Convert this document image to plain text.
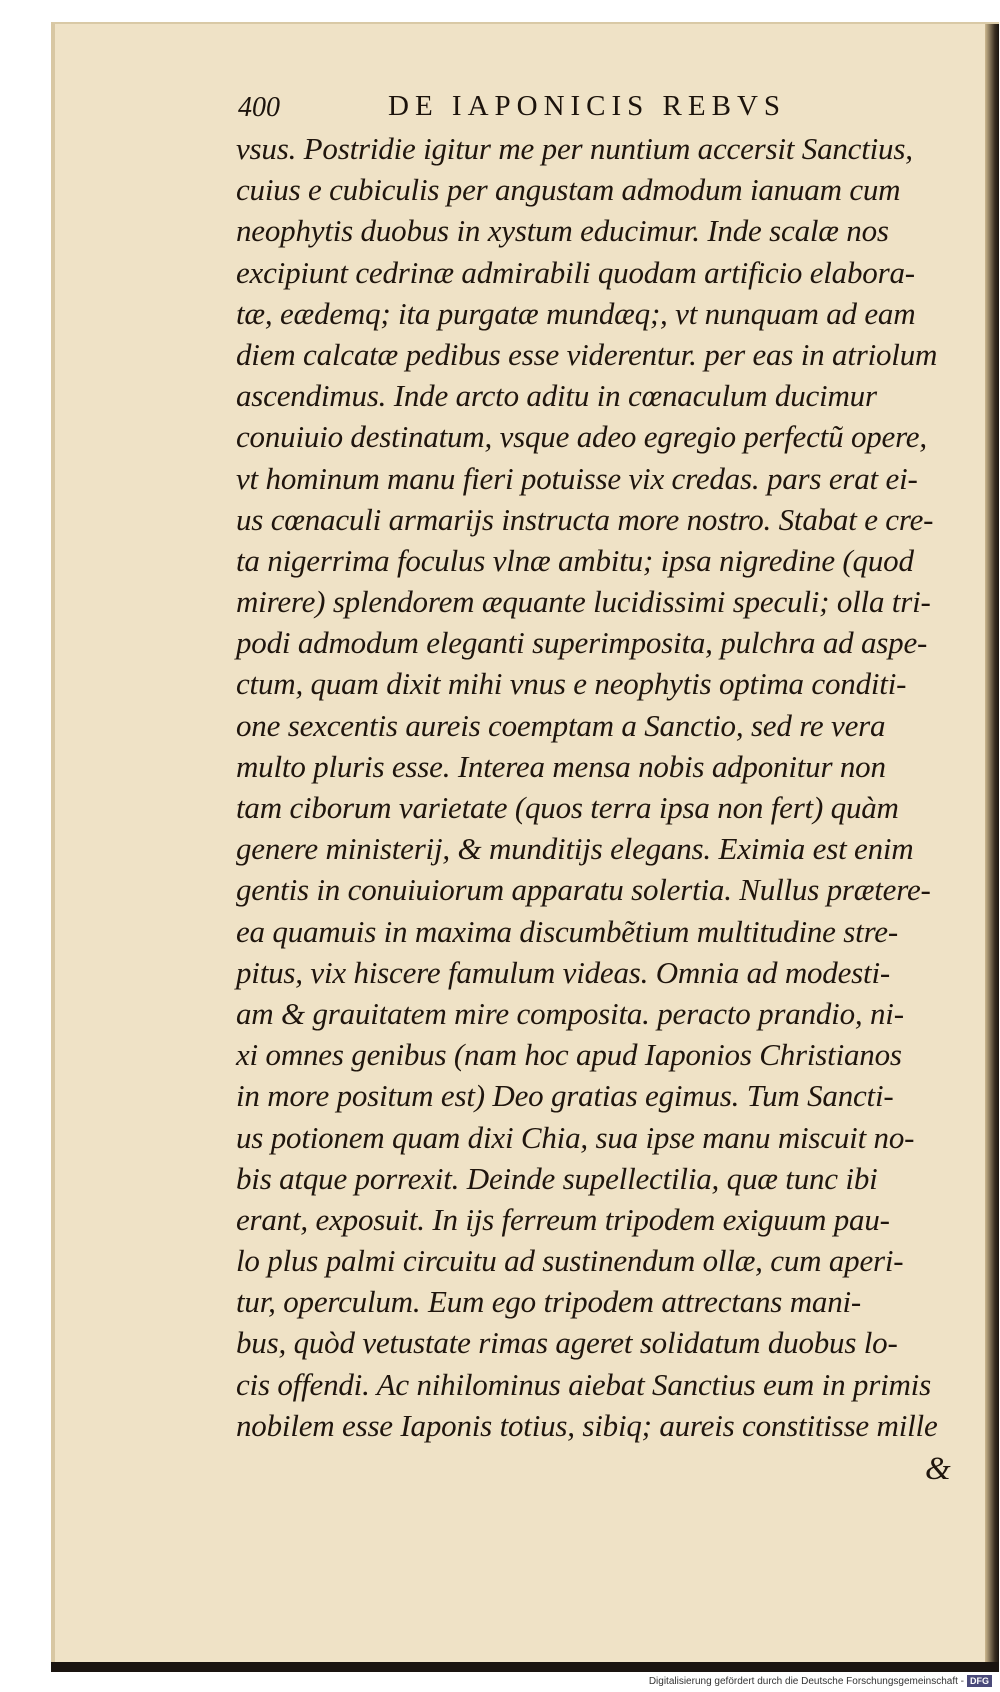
400	DE IAPONICIS REBVS
vsus. Postridie igitur me per nuntium accersit Sanctius,
cuius e cubiculis per angustam admodum ianuam cum
neophytis duobus in xystum educimur. Inde scalæ nos
excipiunt cedrinæ admirabili quodam artificio elabora-
tæ, eædemq; ita purgatæ mundæq;, vt nunquam ad eam
diem calcatæ pedibus esse viderentur. per eas in atriolum
ascendimus. Inde arcto aditu in cœnaculum ducimur
conuiuio destinatum, vsque adeo egregio perfectũ opere,
vt hominum manu fieri potuisse vix credas. pars erat ei-
us cœnaculi armarijs instructa more nostro. Stabat e cre-
ta nigerrima foculus vlnæ ambitu; ipsa nigredine (quod
mirere) splendorem æquante lucidissimi speculi; olla tri-
podi admodum eleganti superimposita, pulchra ad aspe-
ctum, quam dixit mihi vnus e neophytis optima conditi-
one sexcentis aureis coemptam a Sanctio, sed re vera
multo pluris esse. Interea mensa nobis adponitur non
tam ciborum varietate (quos terra ipsa non fert) quàm
genere ministerij, & munditijs elegans. Eximia est enim
gentis in conuiuiorum apparatu solertia. Nullus prætere-
ea quamuis in maxima discumbẽtium multitudine stre-
pitus, vix hiscere famulum videas. Omnia ad modesti-
am & grauitatem mire composita. peracto prandio, ni-
xi omnes genibus (nam hoc apud Iaponios Christianos
in more positum est) Deo gratias egimus. Tum Sancti-
us potionem quam dixi Chia, sua ipse manu miscuit no-
bis atque porrexit. Deinde supellectilia, quæ tunc ibi
erant, exposuit. In ijs ferreum tripodem exiguum pau-
lo plus palmi circuitu ad sustinendum ollæ, cum aperi-
tur, operculum. Eum ego tripodem attrectans mani-
bus, quòd vetustate rimas ageret solidatum duobus lo-
cis offendi. Ac nihilominus aiebat Sanctius eum in primis
nobilem esse Iaponis totius, sibiq; aureis constitisse mille
&
Digitalisierung gefördert durch die Deutsche Forschungsgemeinschaft - DFG
